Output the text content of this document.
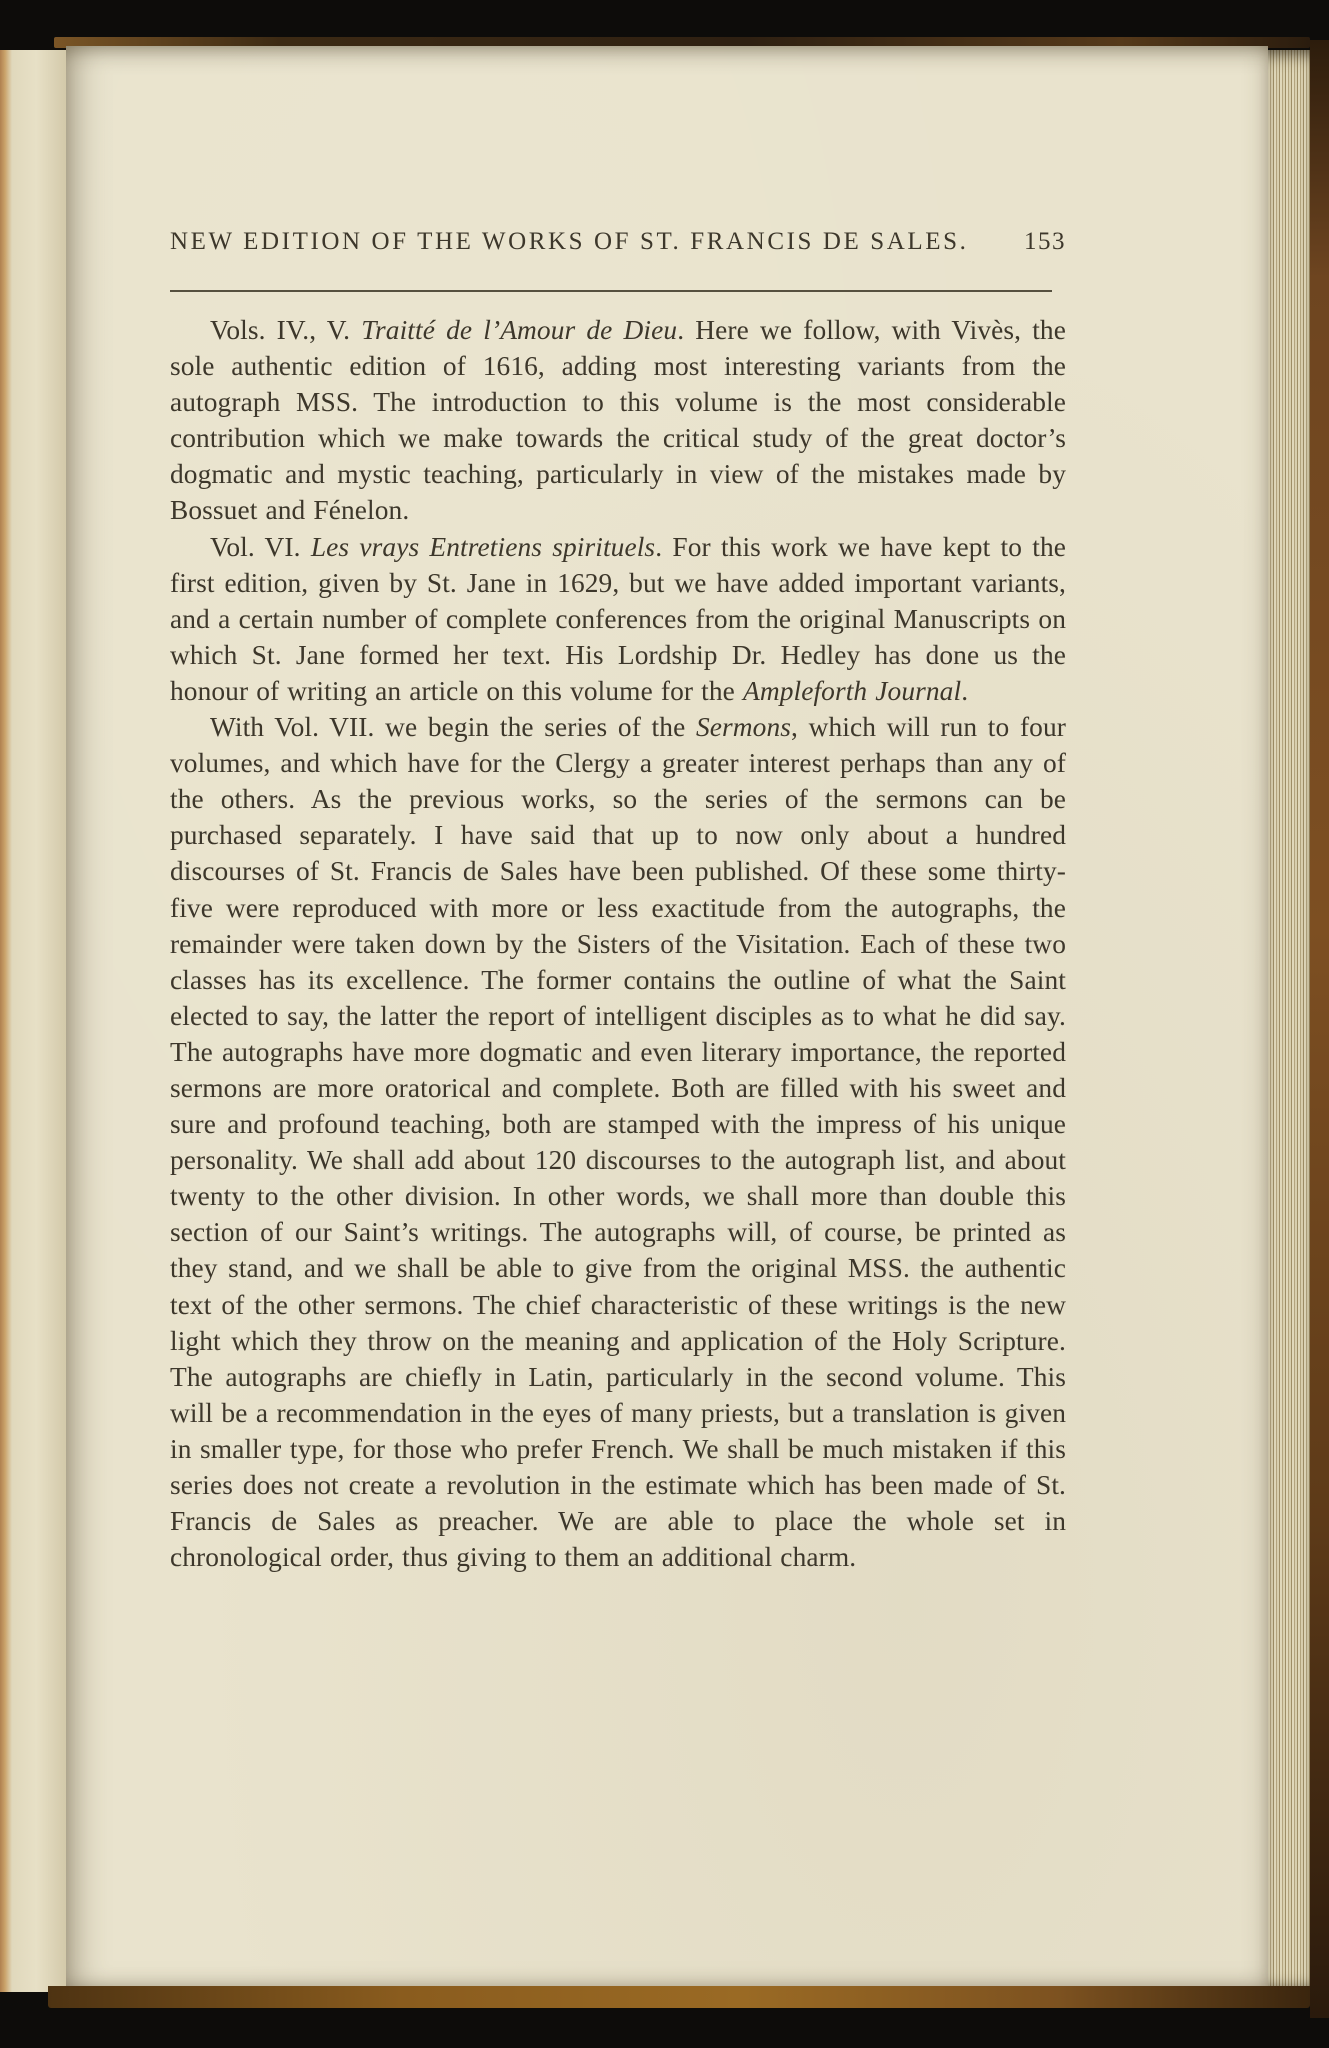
NEW EDITION OF THE WORKS OF ST. FRANCIS DE SALES. 153

Vols. IV., V. Traitté de l’Amour de Dieu. Here we follow, with Vivès, the sole authentic edition of 1616, adding most interesting variants from the autograph MSS. The introduction to this volume is the most considerable contribution which we make towards the critical study of the great doctor’s dogmatic and mystic teaching, particularly in view of the mistakes made by Bossuet and Fénelon.

Vol. VI. Les vrays Entretiens spirituels. For this work we have kept to the first edition, given by St. Jane in 1629, but we have added important variants, and a certain number of complete conferences from the original Manuscripts on which St. Jane formed her text. His Lordship Dr. Hedley has done us the honour of writing an article on this volume for the Ampleforth Journal.

With Vol. VII. we begin the series of the Sermons, which will run to four volumes, and which have for the Clergy a greater interest perhaps than any of the others. As the previous works, so the series of the sermons can be purchased separately. I have said that up to now only about a hundred discourses of St. Francis de Sales have been published. Of these some thirty-five were reproduced with more or less exactitude from the autographs, the remainder were taken down by the Sisters of the Visitation. Each of these two classes has its excellence. The former contains the outline of what the Saint elected to say, the latter the report of intelligent disciples as to what he did say. The autographs have more dogmatic and even literary importance, the reported sermons are more oratorical and complete. Both are filled with his sweet and sure and profound teaching, both are stamped with the impress of his unique personality. We shall add about 120 discourses to the autograph list, and about twenty to the other division. In other words, we shall more than double this section of our Saint’s writings. The autographs will, of course, be printed as they stand, and we shall be able to give from the original MSS. the authentic text of the other sermons. The chief characteristic of these writings is the new light which they throw on the meaning and application of the Holy Scripture. The autographs are chiefly in Latin, particularly in the second volume. This will be a recommendation in the eyes of many priests, but a translation is given in smaller type, for those who prefer French. We shall be much mistaken if this series does not create a revolution in the estimate which has been made of St. Francis de Sales as preacher. We are able to place the whole set in chronological order, thus giving to them an additional charm.
